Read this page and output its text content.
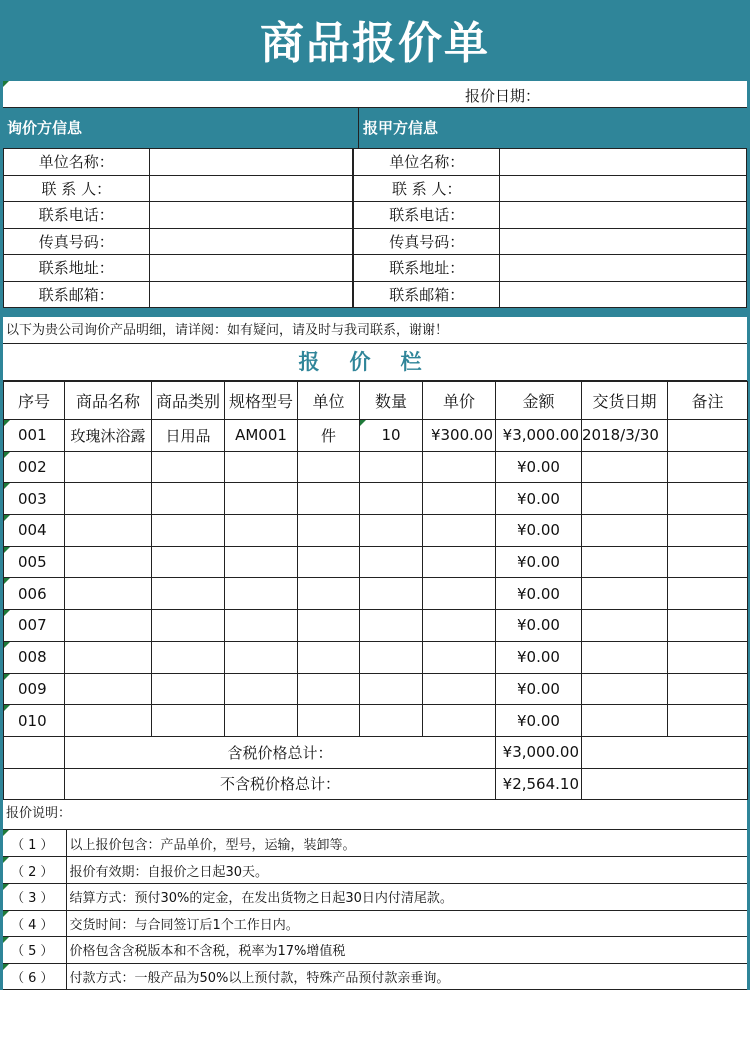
商品报价单
报价日期：
询价方信息	报甲方信息
单位名称：	
联 系 人：	
联系电话：	
传真号码：	
联系地址：	
联系邮箱：	
单位名称：	
联 系 人：	
联系电话：	
传真号码：	
联系地址：	
联系邮箱：	
以下为贵公司询价产品明细，请详阅：如有疑问，请及时与我司联系，谢谢！
报价栏
序号	商品名称	商品类别	规格型号	单位	数量	单价	金额	交货日期	备注

001	玫瑰沐浴露	日用品	AM001	件	10	¥300.00	¥3,000.00	2018/3/30	

002							¥0.00		

003							¥0.00		

004							¥0.00		

005							¥0.00		

006							¥0.00		

007							¥0.00		

008							¥0.00		

009							¥0.00		

010							¥0.00		
	含税价格总计：						¥3,000.00		
	不含税价格总计：						¥2,564.10		
报价说明：
（1）	以上报价包含：产品单价，型号，运输，装卸等。

（2）	报价有效期：自报价之日起30天。

（3）	结算方式：预付30%的定金，在发出货物之日起30日内付清尾款。

（4）	交货时间：与合同签订后1个工作日内。

（5）	价格包含含税版本和不含税，税率为17%增值税

（6）	付款方式：一般产品为50%以上预付款，特殊产品预付款亲垂询。
